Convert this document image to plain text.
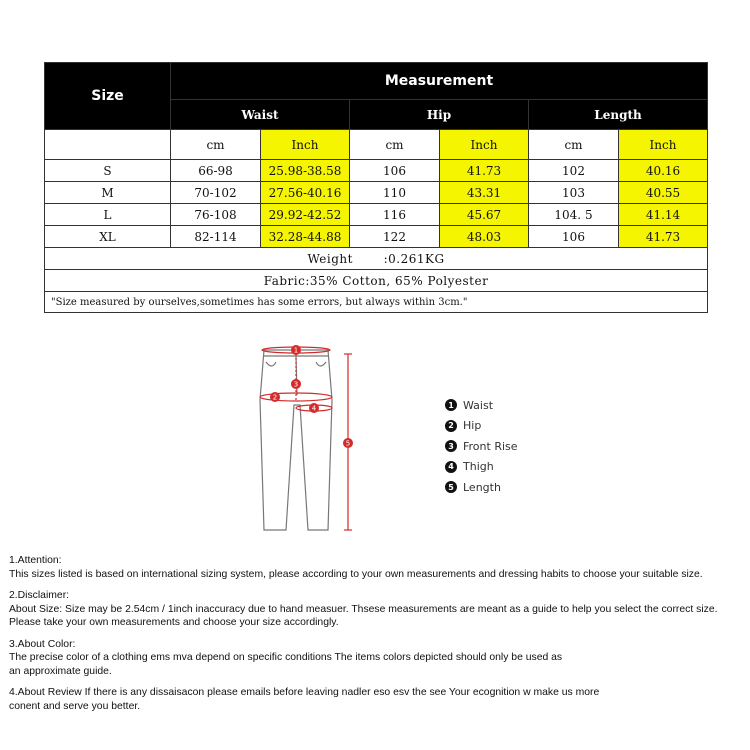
Size	Measurement					
	Waist		Hip		Length	
	cm	Inch	cm	Inch	cm	Inch
S	66-98	25.98-38.58	106	41.73	102	40.16
M	70-102	27.56-40.16	110	43.31	103	40.55
L	76-108	29.92-42.52	116	45.67	104. 5	41.14
XL	82-114	32.28-44.88	122	48.03	106	41.73
Weight :0.261KG						
Fabric:35% Cotton, 65% Polyester						
"Size measured by ourselves,sometimes has some errors, but always within 3cm."						
1
2
3
4
5
1 Waist
2 Hip
3 Front Rise
4 Thigh
5 Length
1.Attention:
This sizes listed is based on international sizing system, please according to your own measurements and dressing habits to choose your suitable size.
2.Disclaimer:
About Size: Size may be 2.54cm / 1inch inaccuracy due to hand measuer. Thsese measurements are meant as a guide to help you select the correct size.
Please take your own measurements and choose your size accordingly.
3.About Color:
The precise color of a clothing ems mva depend on specific conditions The items colors depicted should only be used as
an approximate guide.
4.About Review If there is any dissaisacon please emails before leaving nadler eso esv the see Your ecognition w make us more
conent and serve you better.
